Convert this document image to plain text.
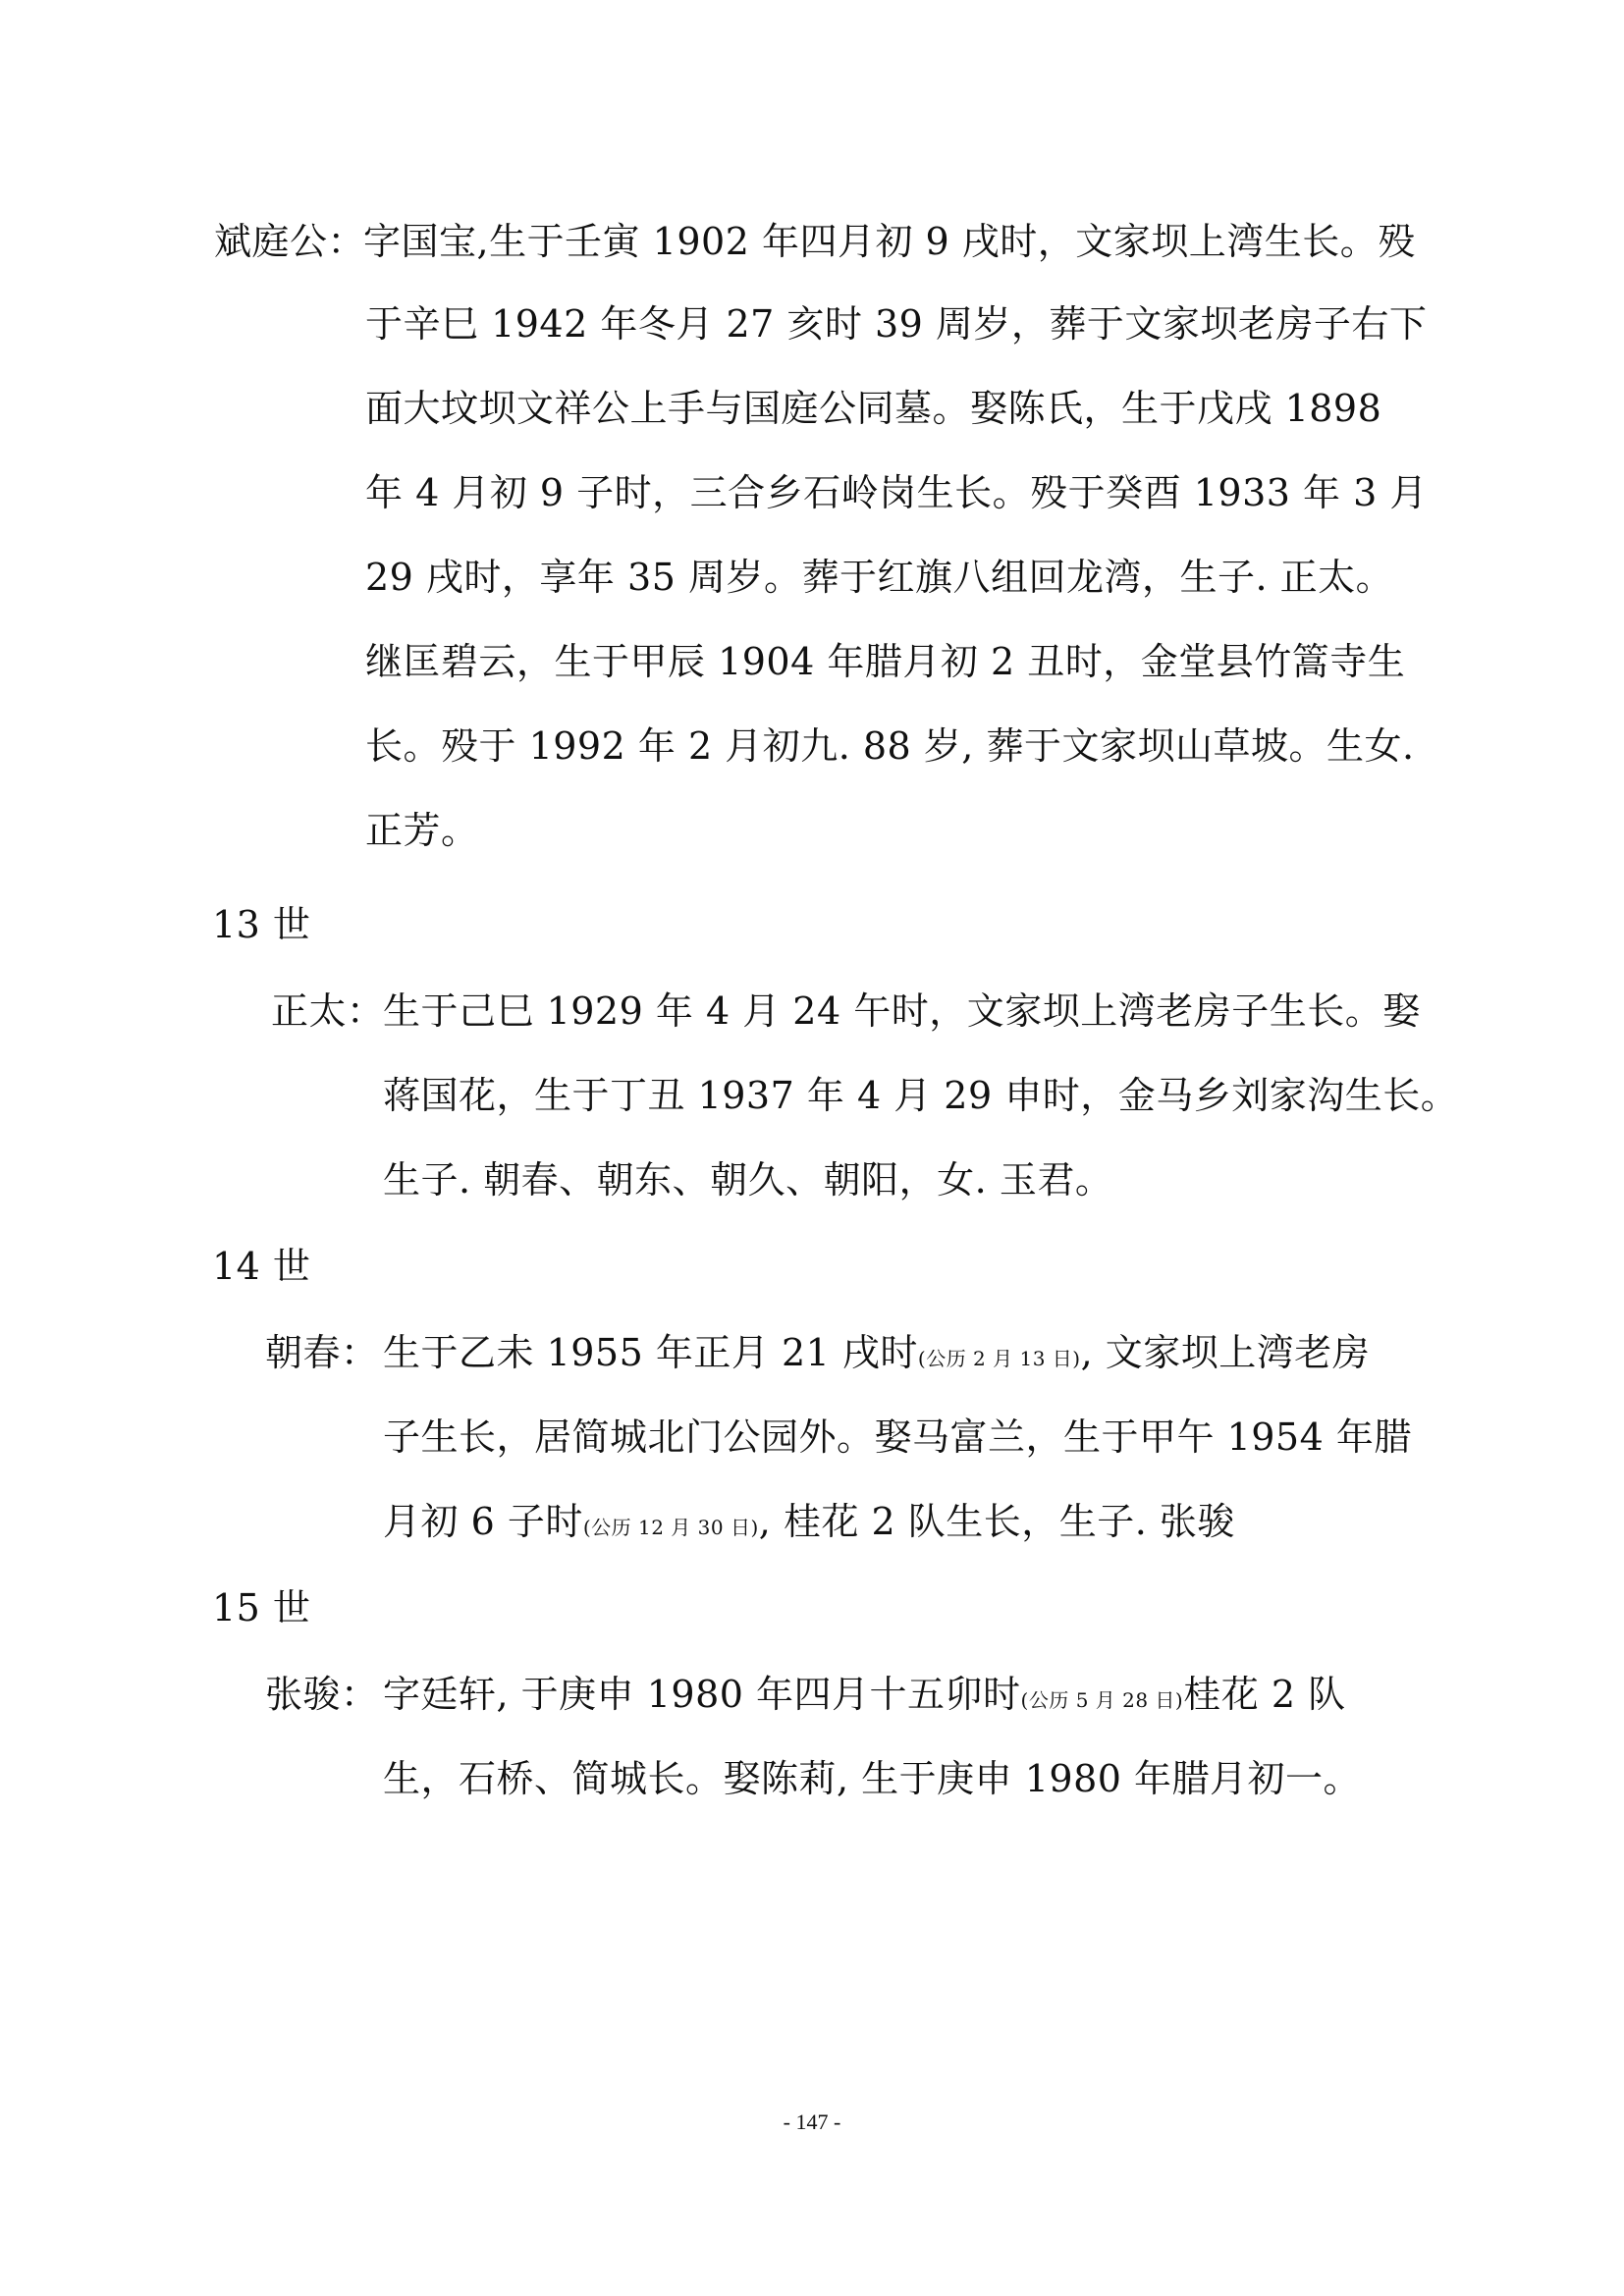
斌庭公：
字国宝,生于壬寅 1902 年四月初 9 戌时，文家坝上湾生长。殁
于辛巳 1942 年冬月 27 亥时 39 周岁，葬于文家坝老房子右下
面大坟坝文祥公上手与国庭公同墓。娶陈氏，生于戊戌 1898
年 4 月初 9 子时，三合乡石岭岗生长。殁于癸酉 1933 年 3 月
29 戌时，享年 35 周岁。葬于红旗八组回龙湾，生子. 正太。
继匡碧云，生于甲辰 1904 年腊月初 2 丑时，金堂县竹篙寺生
长。殁于 1992 年 2 月初九. 88 岁, 葬于文家坝山草坡。生女.
正芳。
13 世
正太：
生于己巳 1929 年 4 月 24 午时，文家坝上湾老房子生长。娶
蒋国花，生于丁丑 1937 年 4 月 29 申时，金马乡刘家沟生长。
生子. 朝春、朝东、朝久、朝阳，女. 玉君。
14 世
朝春： 生于乙未 1955 年正月 21 戌时(公历 2 月 13 日), 文家坝上湾老房
子生长，居简城北门公园外。娶马富兰，生于甲午 1954 年腊
月初 6 子时(公历 12 月 30 日), 桂花 2 队生长，生子. 张骏
15 世
张骏： 字廷轩, 于庚申 1980 年四月十五卯时(公历 5 月 28 日)桂花 2 队
生，石桥、简城长。娶陈莉, 生于庚申 1980 年腊月初一。
- 147 -
